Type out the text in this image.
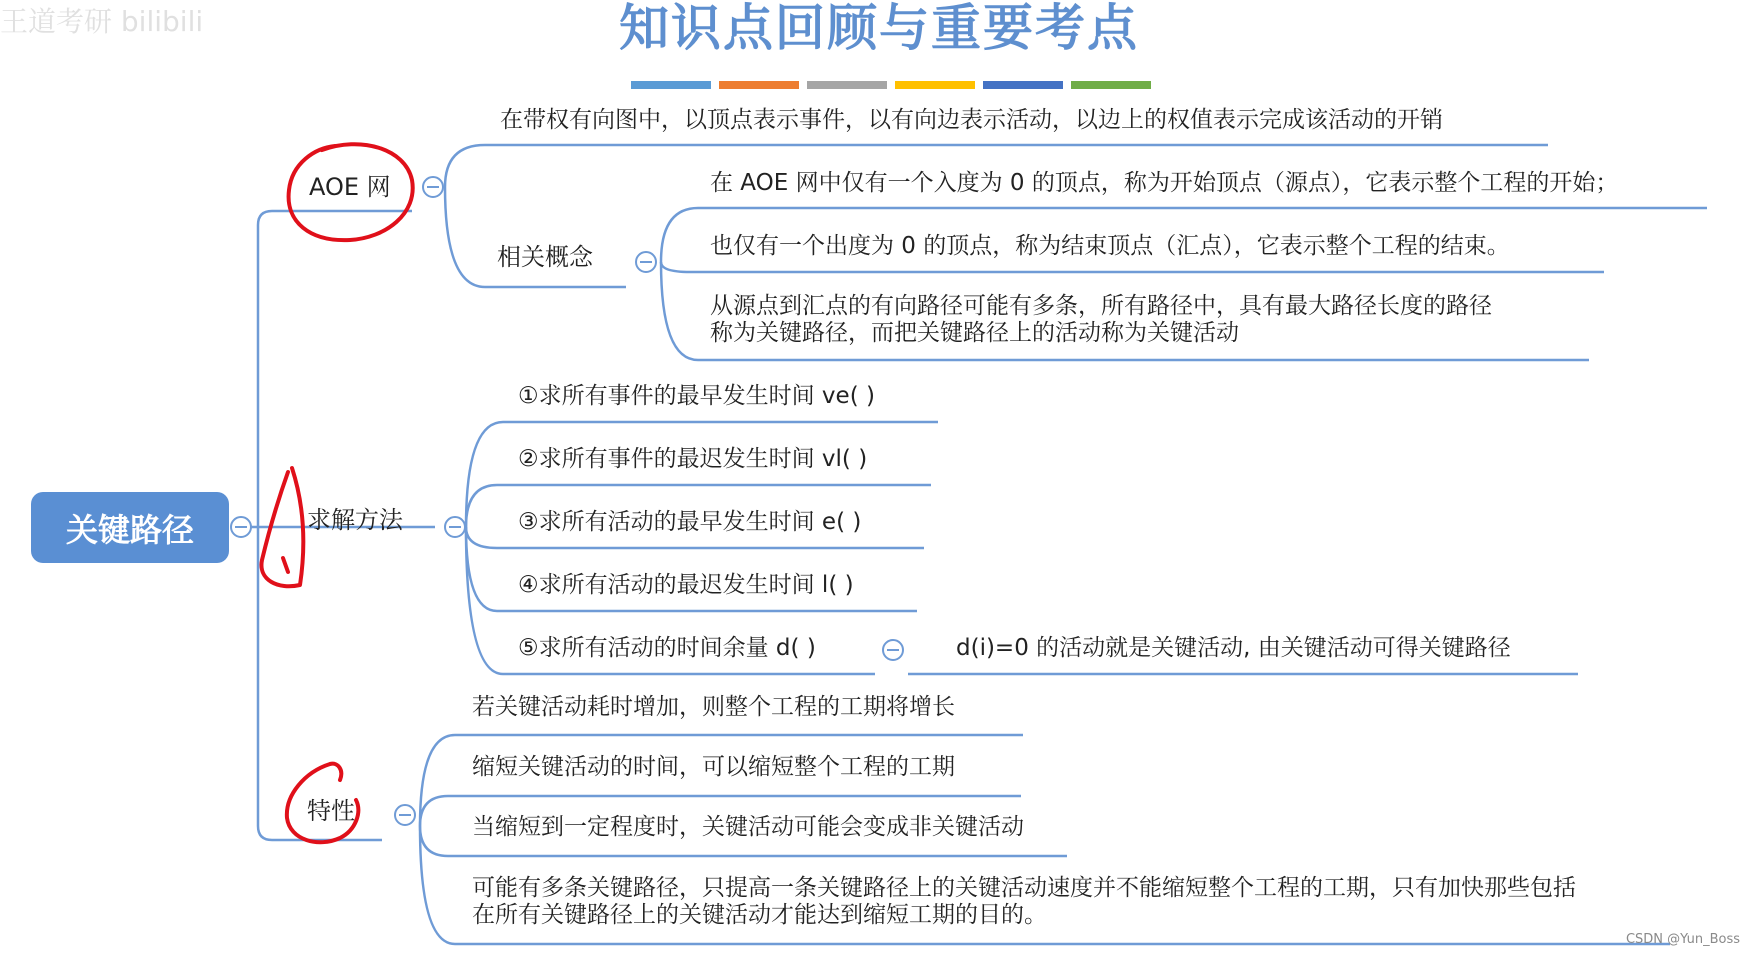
王道考研 bilibili	知识点回顾与重要考点
关键路径
AOE 网
在带权有向图中，以顶点表示事件，以有向边表示活动，以边上的权值表示完成该活动的开销
相关概念
在 AOE 网中仅有一个入度为 0 的顶点，称为开始顶点（源点），它表示整个工程的开始；
也仅有一个出度为 0 的顶点，称为结束顶点（汇点），它表示整个工程的结束。
从源点到汇点的有向路径可能有多条，所有路径中，具有最大路径长度的路径
称为关键路径，而把关键路径上的活动称为关键活动
求解方法
①求所有事件的最早发生时间 ve( )
②求所有事件的最迟发生时间 vl( )
③求所有活动的最早发生时间 e( )
④求所有活动的最迟发生时间 l( )
⑤求所有活动的时间余量 d( )	d(i)=0 的活动就是关键活动, 由关键活动可得关键路径
特性
若关键活动耗时增加，则整个工程的工期将增长
缩短关键活动的时间，可以缩短整个工程的工期
当缩短到一定程度时，关键活动可能会变成非关键活动
可能有多条关键路径，只提高一条关键路径上的关键活动速度并不能缩短整个工程的工期，只有加快那些包括
在所有关键路径上的关键活动才能达到缩短工期的目的。
CSDN @Yun_Boss
